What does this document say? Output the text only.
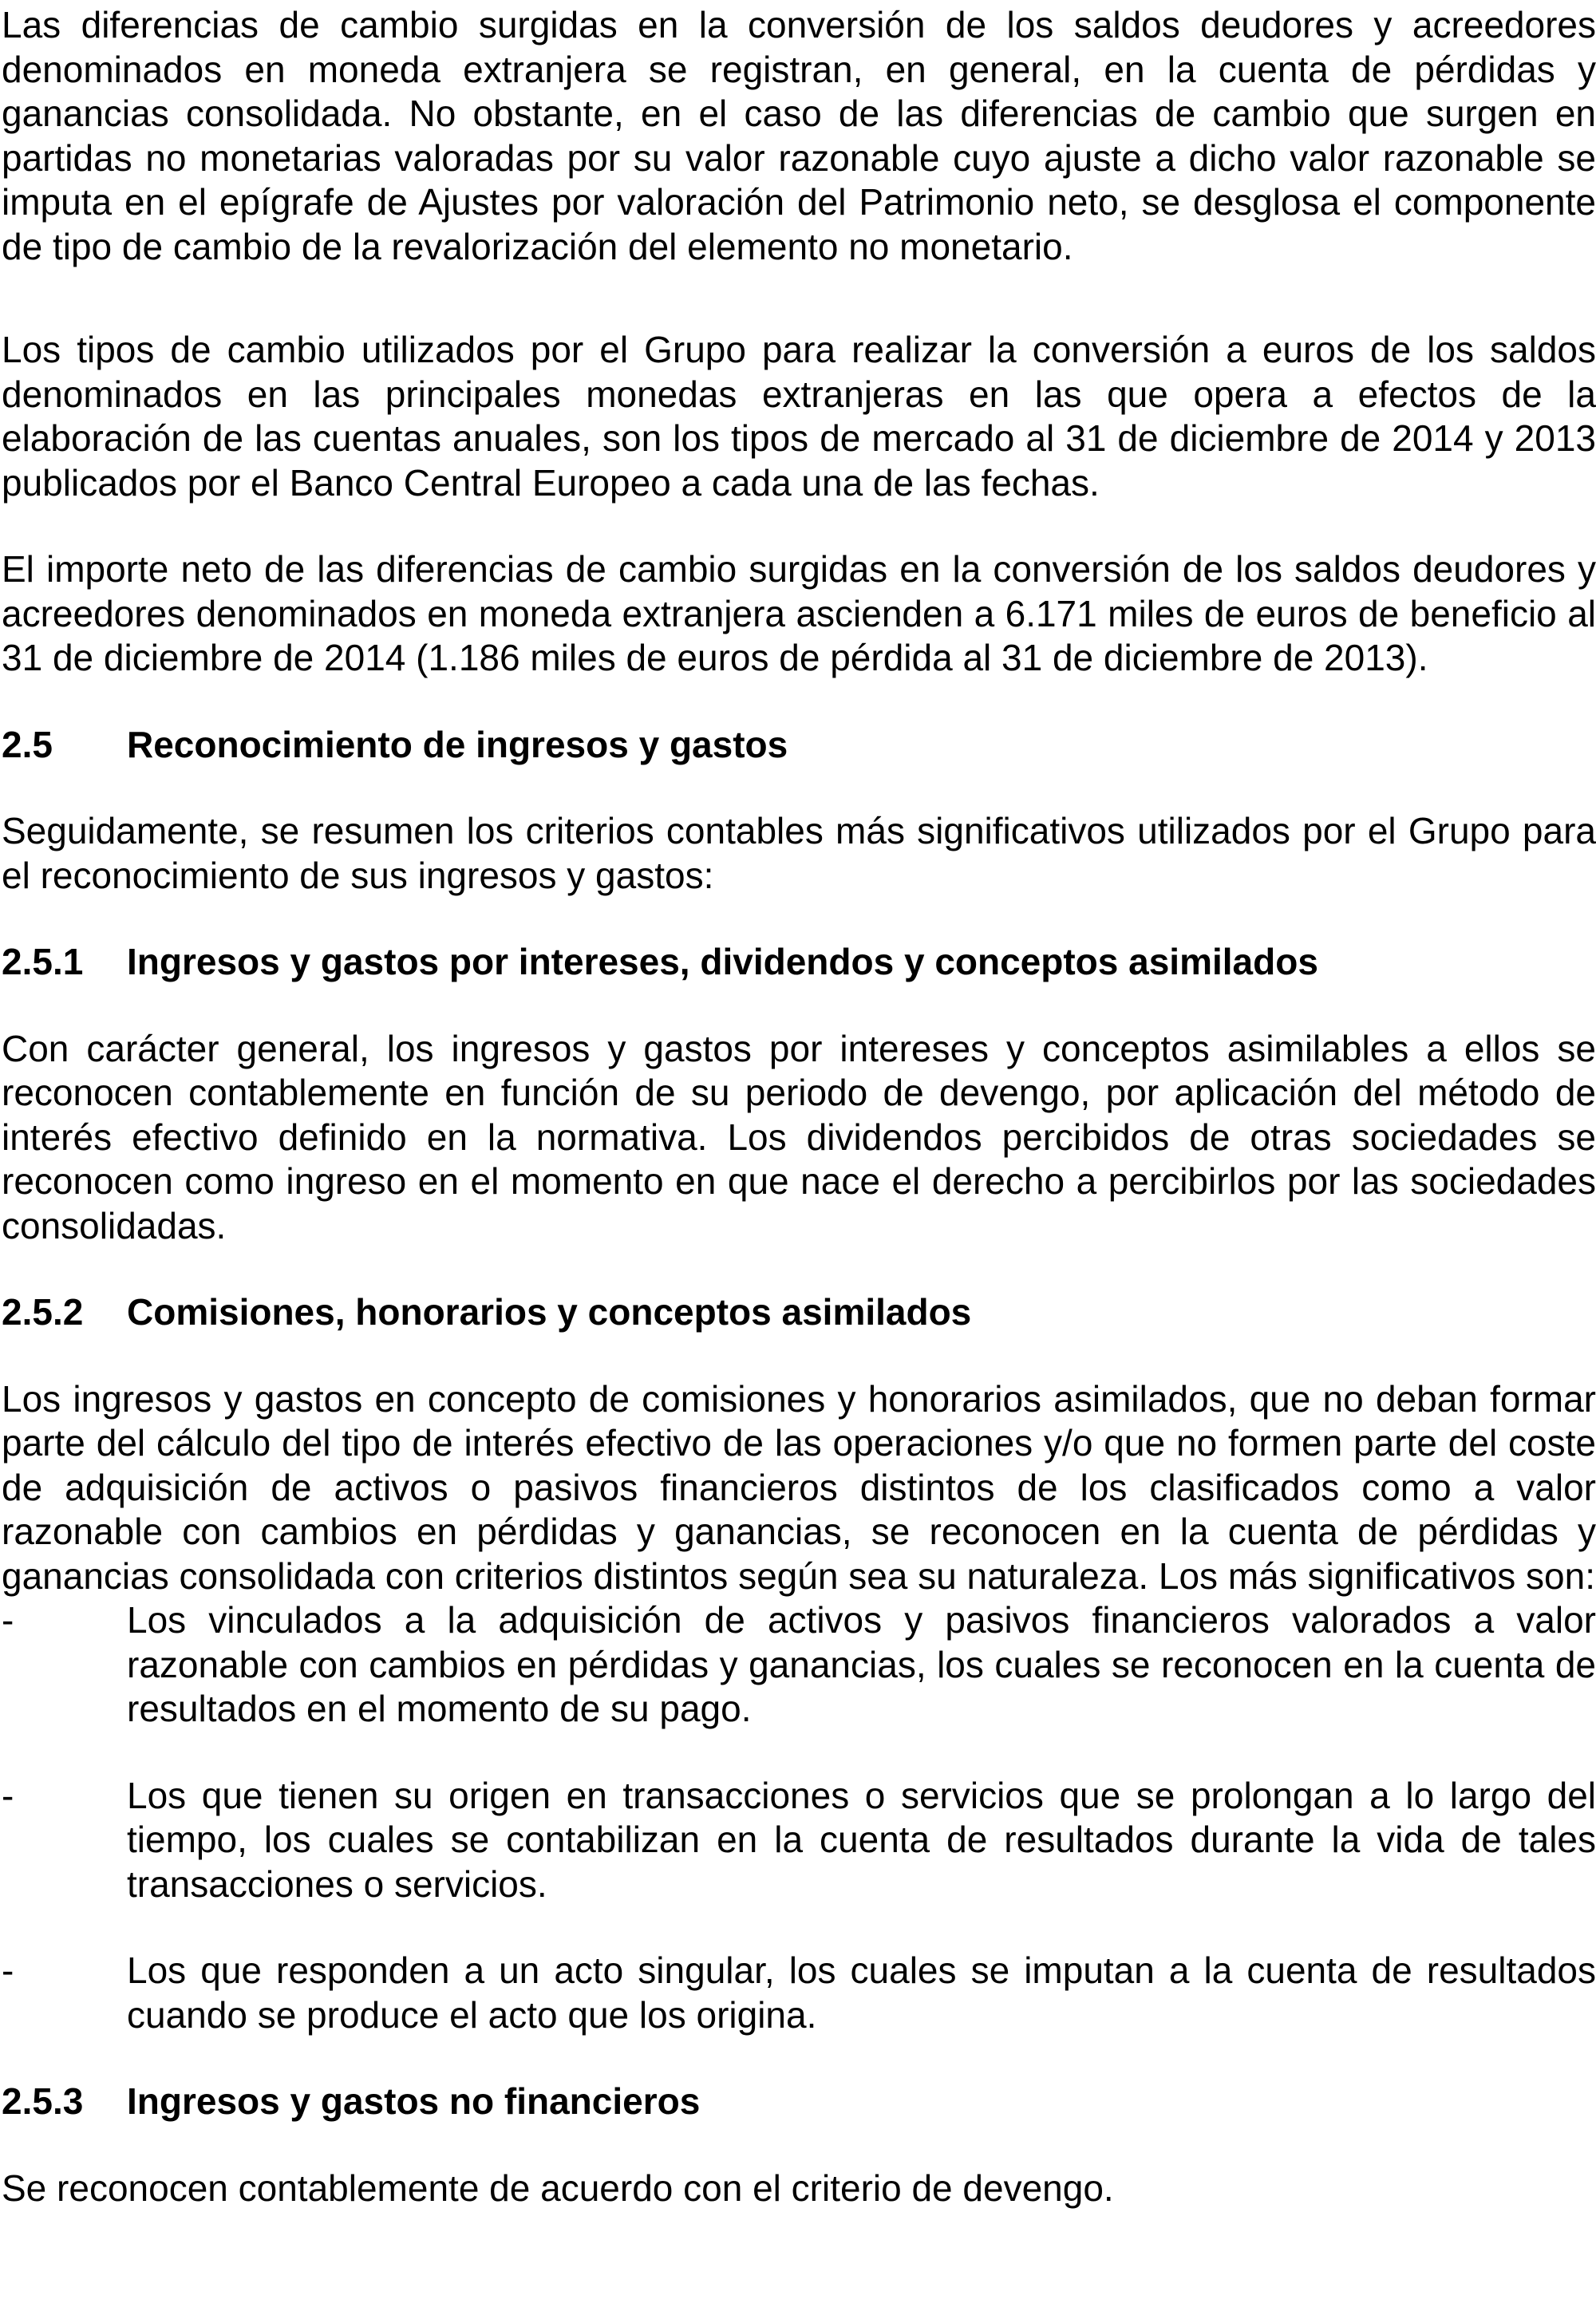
Las diferencias de cambio surgidas en la conversión de los saldos deudores y acreedores denominados en moneda extranjera se registran, en general, en la cuenta de pérdidas y ganancias consolidada. No obstante, en el caso de las diferencias de cambio que surgen en partidas no monetarias valoradas por su valor razonable cuyo ajuste a dicho valor razonable se imputa en el epígrafe de Ajustes por valoración del Patrimonio neto, se desglosa el componente de tipo de cambio de la revalorización del elemento no monetario.

Los tipos de cambio utilizados por el Grupo para realizar la conversión a euros de los saldos denominados en las principales monedas extranjeras en las que opera a efectos de la elaboración de las cuentas anuales, son los tipos de mercado al 31 de diciembre de 2014 y 2013 publicados por el Banco Central Europeo a cada una de las fechas.

El importe neto de las diferencias de cambio surgidas en la conversión de los saldos deudores y acreedores denominados en moneda extranjera ascienden a 6.171 miles de euros de beneficio al 31 de diciembre de 2014 (1.186 miles de euros de pérdida al 31 de diciembre de 2013).

2.5	Reconocimiento de ingresos y gastos

Seguidamente, se resumen los criterios contables más significativos utilizados por el Grupo para el reconocimiento de sus ingresos y gastos:

2.5.1	Ingresos y gastos por intereses, dividendos y conceptos asimilados

Con carácter general, los ingresos y gastos por intereses y conceptos asimilables a ellos se reconocen contablemente en función de su periodo de devengo, por aplicación del método de interés efectivo definido en la normativa. Los dividendos percibidos de otras sociedades se reconocen como ingreso en el momento en que nace el derecho a percibirlos por las sociedades consolidadas.

2.5.2	Comisiones, honorarios y conceptos asimilados

Los ingresos y gastos en concepto de comisiones y honorarios asimilados, que no deban formar parte del cálculo del tipo de interés efectivo de las operaciones y/o que no formen parte del coste de adquisición de activos o pasivos financieros distintos de los clasificados como a valor razonable con cambios en pérdidas y ganancias, se reconocen en la cuenta de pérdidas y ganancias consolidada con criterios distintos según sea su naturaleza. Los más significativos son:

-	Los vinculados a la adquisición de activos y pasivos financieros valorados a valor razonable con cambios en pérdidas y ganancias, los cuales se reconocen en la cuenta de resultados en el momento de su pago.
-	Los que tienen su origen en transacciones o servicios que se prolongan a lo largo del tiempo, los cuales se contabilizan en la cuenta de resultados durante la vida de tales transacciones o servicios.
-	Los que responden a un acto singular, los cuales se imputan a la cuenta de resultados cuando se produce el acto que los origina.
2.5.3	Ingresos y gastos no financieros

Se reconocen contablemente de acuerdo con el criterio de devengo.
